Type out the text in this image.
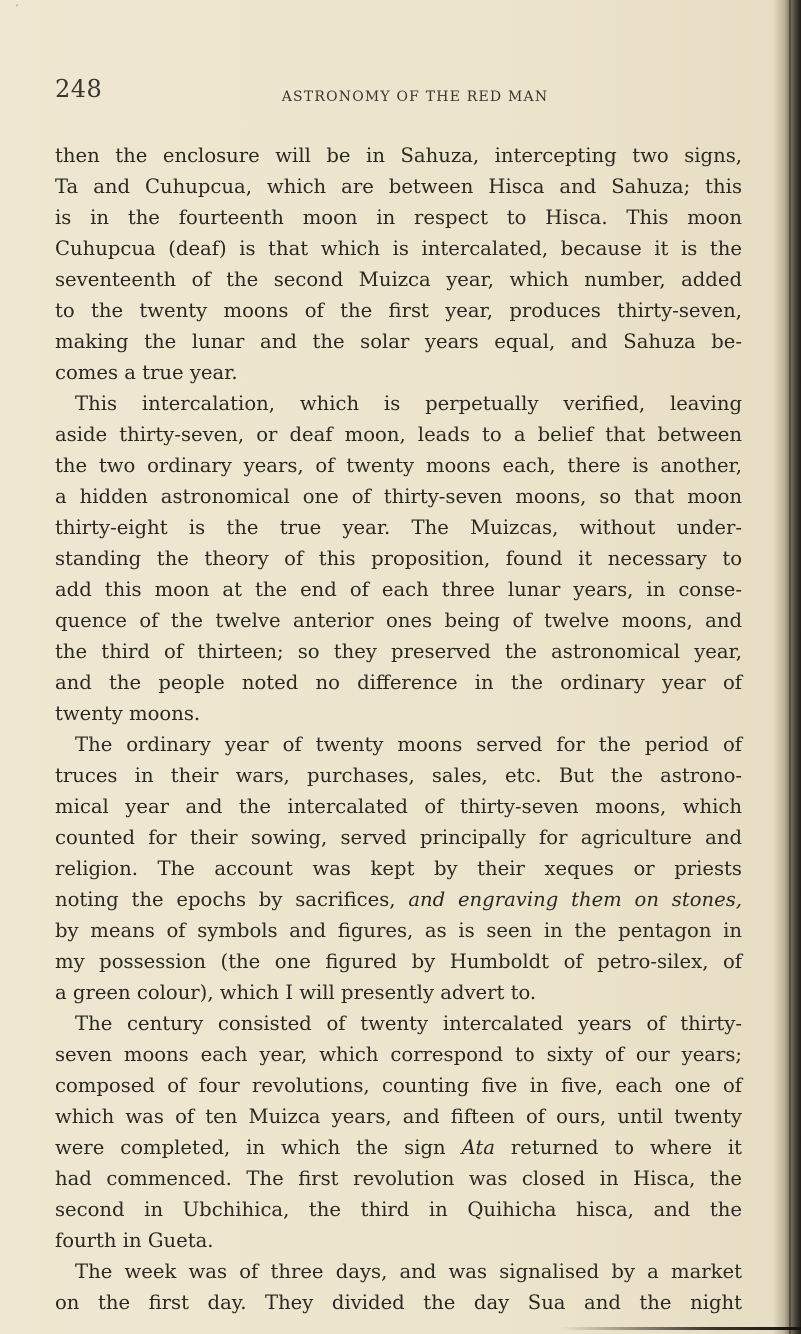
′
248	ASTRONOMY OF THE RED MAN
then the enclosure will be in Sahuza, intercepting two signs,
Ta and Cuhupcua, which are between Hisca and Sahuza; this
is in the fourteenth moon in respect to Hisca. This moon
Cuhupcua (deaf) is that which is intercalated, because it is the
seventeenth of the second Muizca year, which number, added
to the twenty moons of the first year, produces thirty-seven,
making the lunar and the solar years equal, and Sahuza be-
comes a true year.
This intercalation, which is perpetually verified, leaving
aside thirty-seven, or deaf moon, leads to a belief that between
the two ordinary years, of twenty moons each, there is another,
a hidden astronomical one of thirty-seven moons, so that moon
thirty-eight is the true year. The Muizcas, without under-
standing the theory of this proposition, found it necessary to
add this moon at the end of each three lunar years, in conse-
quence of the twelve anterior ones being of twelve moons, and
the third of thirteen; so they preserved the astronomical year,
and the people noted no difference in the ordinary year of
twenty moons.
The ordinary year of twenty moons served for the period of
truces in their wars, purchases, sales, etc. But the astrono-
mical year and the intercalated of thirty-seven moons, which
counted for their sowing, served principally for agriculture and
religion. The account was kept by their xeques or priests
noting the epochs by sacrifices, and engraving them on stones,
by means of symbols and figures, as is seen in the pentagon in
my possession (the one figured by Humboldt of petro-silex, of
a green colour), which I will presently advert to.
The century consisted of twenty intercalated years of thirty-
seven moons each year, which correspond to sixty of our years;
composed of four revolutions, counting five in five, each one of
which was of ten Muizca years, and fifteen of ours, until twenty
were completed, in which the sign Ata returned to where it
had commenced. The first revolution was closed in Hisca, the
second in Ubchihica, the third in Quihicha hisca, and the
fourth in Gueta.
The week was of three days, and was signalised by a market
on the first day. They divided the day Sua and the night
